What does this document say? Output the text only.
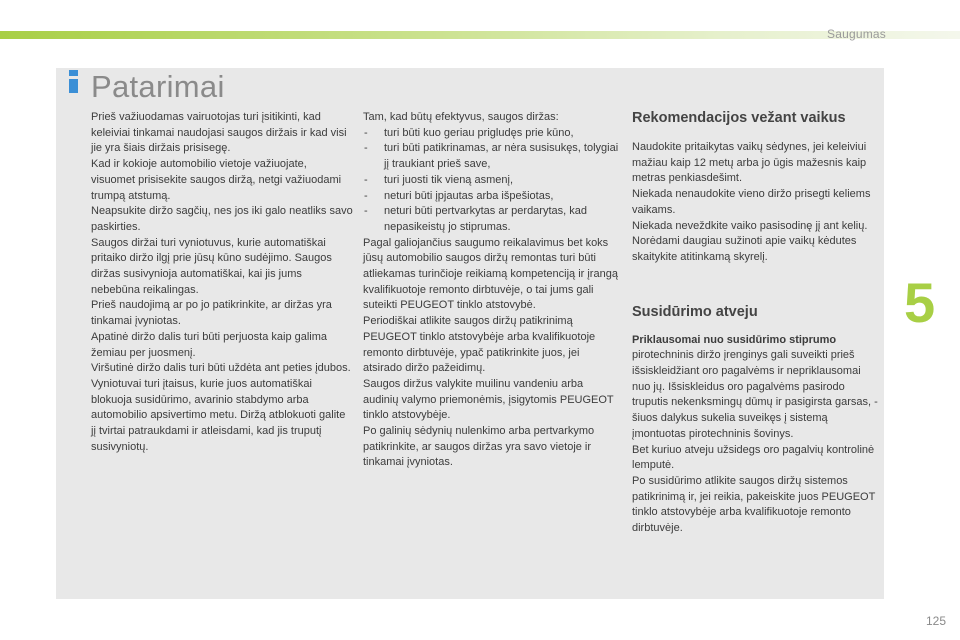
Saugumas
Patarimai

Prieš važiuodamas vairuotojas turi įsitikinti, kad keleiviai tinkamai naudojasi saugos diržais ir kad visi jie yra šiais diržais prisisegę.

Kad ir kokioje automobilio vietoje važiuojate, visuomet prisisekite saugos diržą, netgi važiuodami trumpą atstumą.

Neapsukite diržo sagčių, nes jos iki galo neatliks savo paskirties.

Saugos diržai turi vyniotuvus, kurie automatiškai pritaiko diržo ilgį prie jūsų kūno sudėjimo. Saugos diržas susivynioja automatiškai, kai jis jums nebebūna reikalingas.

Prieš naudojimą ar po jo patikrinkite, ar diržas yra tinkamai įvyniotas.

Apatinė diržo dalis turi būti perjuosta kaip galima žemiau per juosmenį.

Viršutinė diržo dalis turi būti uždėta ant peties įdubos.

Vyniotuvai turi įtaisus, kurie juos automatiškai blokuoja susidūrimo, avarinio stabdymo arba automobilio apsivertimo metu. Diržą atblokuoti galite jį tvirtai patraukdami ir atleisdami, kad jis truputį susivyniotų.

Tam, kad būtų efektyvus, saugos diržas:

- turi būti kuo geriau prigludęs prie kūno,
- turi būti patikrinamas, ar nėra susisukęs, tolygiai jį traukiant prieš save,
- turi juosti tik vieną asmenį,
- neturi būti įpjautas arba išpešiotas,
- neturi būti pertvarkytas ar perdarytas, kad nepasikeistų jo stiprumas.

Pagal galiojančius saugumo reikalavimus bet koks jūsų automobilio saugos diržų remontas turi būti atliekamas turinčioje reikiamą kompetenciją ir įrangą kvalifikuotoje remonto dirbtuvėje, o tai jums gali suteikti PEUGEOT tinklo atstovybė.

Periodiškai atlikite saugos diržų patikrinimą PEUGEOT tinklo atstovybėje arba kvalifikuotoje remonto dirbtuvėje, ypač patikrinkite juos, jei atsirado diržo pažeidimų.

Saugos diržus valykite muilinu vandeniu arba audinių valymo priemonėmis, įsigytomis PEUGEOT tinklo atstovybėje.

Po galinių sėdynių nulenkimo arba pertvarkymo patikrinkite, ar saugos diržas yra savo vietoje ir tinkamai įvyniotas.

Rekomendacijos vežant vaikus

Naudokite pritaikytas vaikų sėdynes, jei keleiviui mažiau kaip 12 metų arba jo ūgis mažesnis kaip metras penkiasdešimt.

Niekada nenaudokite vieno diržo prisegti keliems vaikams.

Niekada neveždkite vaiko pasisodinę jį ant kelių.

Norėdami daugiau sužinoti apie vaikų kėdutes skaitykite atitinkamą skyrelį.

Susidūrimo atveju

Priklausomai nuo susidūrimo stiprumo pirotechninis diržo įrenginys gali suveikti prieš išsiskleidžiant oro pagalvėms ir nepriklausomai nuo jų. Išsiskleidus oro pagalvėms pasirodo truputis nekenksmingų dūmų ir pasigirsta garsas, - šiuos dalykus sukelia suveikęs į sistemą įmontuotas pirotechninis šovinys.

Bet kuriuo atveju užsidegs oro pagalvių kontrolinė lemputė.

Po susidūrimo atlikite saugos diržų sistemos patikrinimą ir, jei reikia, pakeiskite juos PEUGEOT tinklo atstovybėje arba kvalifikuotoje remonto dirbtuvėje.

5
125
